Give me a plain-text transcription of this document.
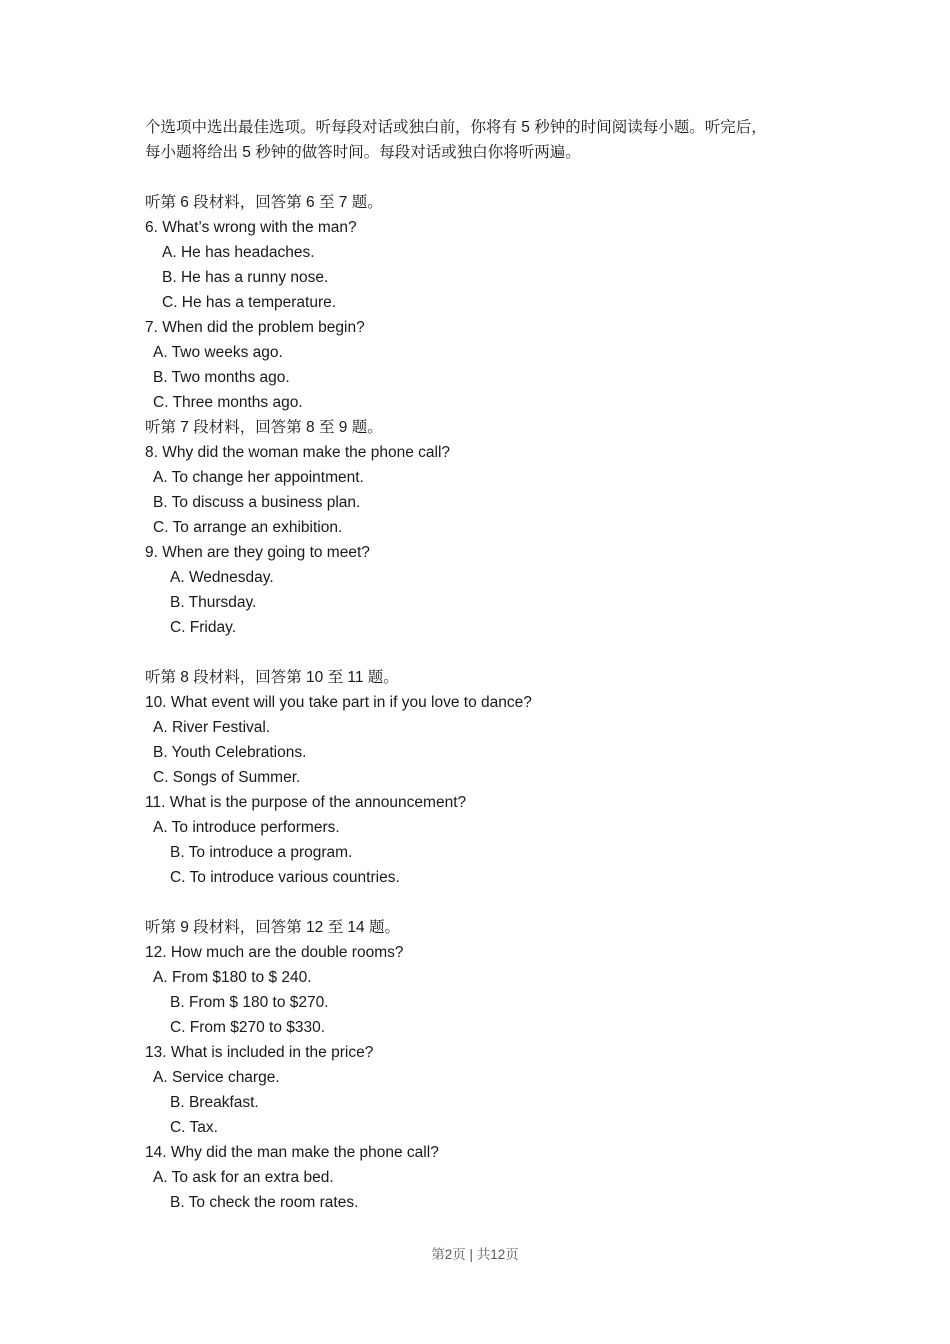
个选项中选出最佳选项。听每段对话或独白前，你将有 5 秒钟的时间阅读每小题。听完后，
每小题将给出 5 秒钟的做答时间。每段对话或独白你将听两遍。
听第 6 段材料，回答第 6 至 7 题。
6. What’s wrong with the man?
A. He has headaches.
B. He has a runny nose.
C. He has a temperature.
7. When did the problem begin?
A. Two weeks ago.
B. Two months ago.
C. Three months ago.
听第 7 段材料，回答第 8 至 9 题。
8. Why did the woman make the phone call?
A. To change her appointment.
B. To discuss a business plan.
C. To arrange an exhibition.
9. When are they going to meet?
A. Wednesday.
B. Thursday.
C. Friday.
听第 8 段材料，回答第 10 至 11 题。
10. What event will you take part in if you love to dance?
A. River Festival.
B. Youth Celebrations.
C. Songs of Summer.
11. What is the purpose of the announcement?
A. To introduce performers.
B. To introduce a program.
C. To introduce various countries.
听第 9 段材料，回答第 12 至 14 题。
12. How much are the double rooms?
A. From $180 to $ 240.
B. From $ 180 to $270.
C. From $270 to $330.
13. What is included in the price?
A. Service charge.
B. Breakfast.
C. Tax.
14. Why did the man make the phone call?
A. To ask for an extra bed.
B. To check the room rates.
第2页 | 共12页
